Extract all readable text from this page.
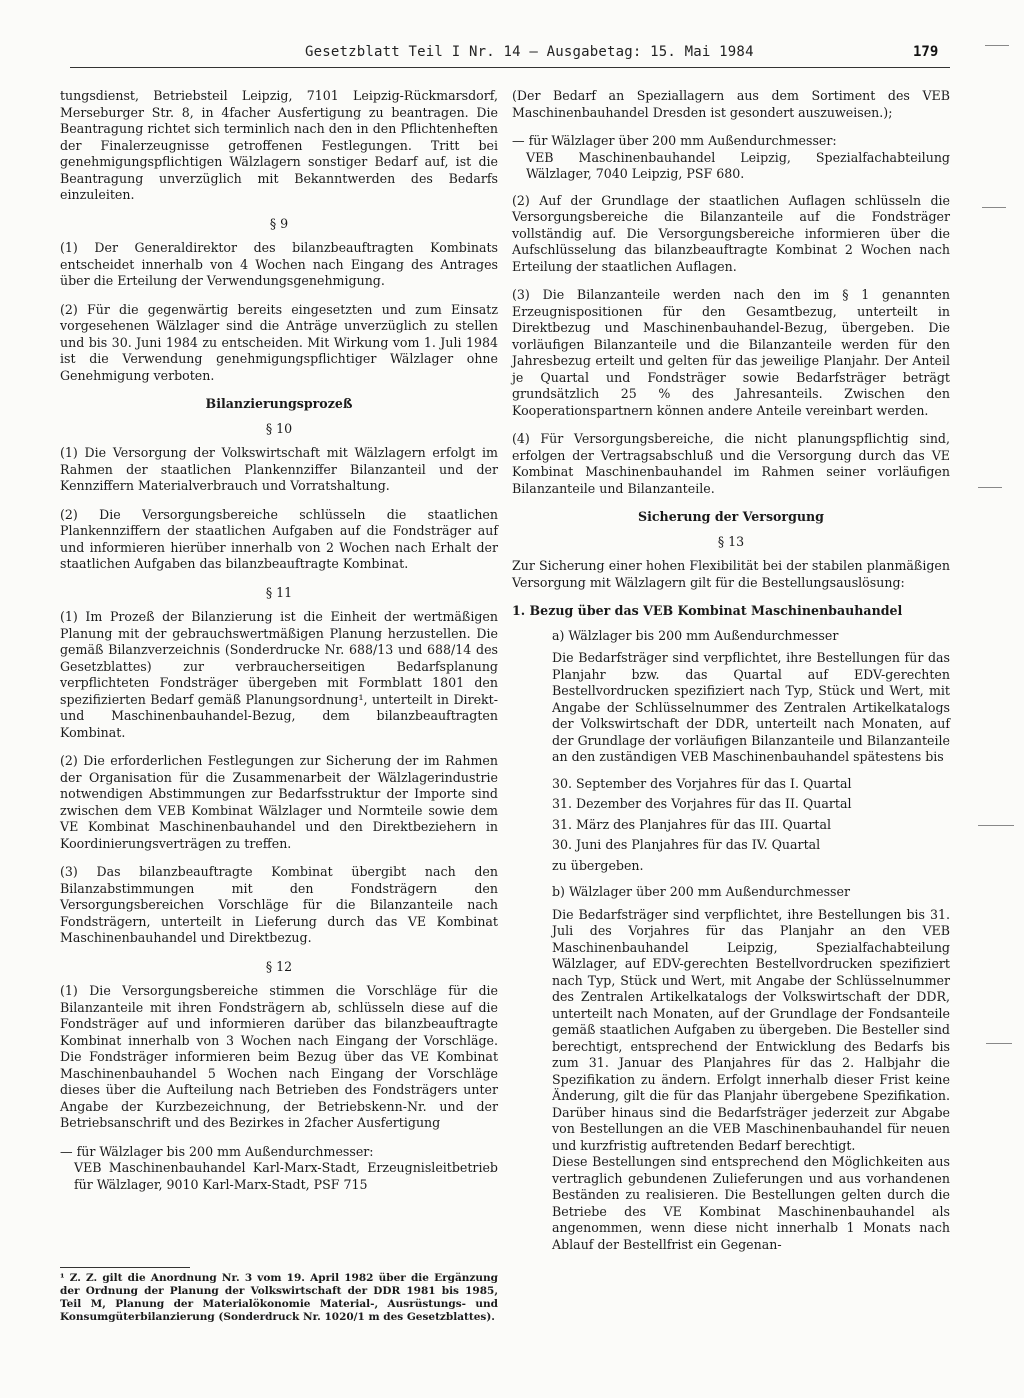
Gesetzblatt Teil I Nr. 14 — Ausgabetag: 15. Mai 1984	179

tungsdienst, Betriebsteil Leipzig, 7101 Leipzig-Rückmarsdorf, Merseburger Str. 8, in 4facher Ausfertigung zu beantragen. Die Beantragung richtet sich terminlich nach den in den Pflichtenheften der Finalerzeugnisse getroffenen Festlegungen. Tritt bei genehmigungspflichtigen Wälzlagern sonstiger Bedarf auf, ist die Beantragung unverzüglich mit Bekanntwerden des Bedarfs einzuleiten.

§ 9

(1) Der Generaldirektor des bilanzbeauftragten Kombinats entscheidet innerhalb von 4 Wochen nach Eingang des Antrages über die Erteilung der Verwendungsgenehmigung.

(2) Für die gegenwärtig bereits eingesetzten und zum Einsatz vorgesehenen Wälzlager sind die Anträge unverzüglich zu stellen und bis 30. Juni 1984 zu entscheiden. Mit Wirkung vom 1. Juli 1984 ist die Verwendung genehmigungspflichtiger Wälzlager ohne Genehmigung verboten.

Bilanzierungsprozeß
§ 10

(1) Die Versorgung der Volkswirtschaft mit Wälzlagern erfolgt im Rahmen der staatlichen Plankennziffer Bilanzanteil und der Kennziffern Materialverbrauch und Vorratshaltung.

(2) Die Versorgungsbereiche schlüsseln die staatlichen Plankennziffern der staatlichen Aufgaben auf die Fondsträger auf und informieren hierüber innerhalb von 2 Wochen nach Erhalt der staatlichen Aufgaben das bilanzbeauftragte Kombinat.

§ 11

(1) Im Prozeß der Bilanzierung ist die Einheit der wertmäßigen Planung mit der gebrauchswertmäßigen Planung herzustellen. Die gemäß Bilanzverzeichnis (Sonderdrucke Nr. 688/13 und 688/14 des Gesetzblattes) zur verbraucherseitigen Bedarfsplanung verpflichteten Fondsträger übergeben mit Formblatt 1801 den spezifizierten Bedarf gemäß Planungsordnung¹, unterteilt in Direkt- und Maschinenbauhandel-Bezug, dem bilanzbeauftragten Kombinat.

(2) Die erforderlichen Festlegungen zur Sicherung der im Rahmen der Organisation für die Zusammenarbeit der Wälzlagerindustrie notwendigen Abstimmungen zur Bedarfsstruktur der Importe sind zwischen dem VEB Kombinat Wälzlager und Normteile sowie dem VE Kombinat Maschinenbauhandel und den Direktbeziehern in Koordinierungsverträgen zu treffen.

(3) Das bilanzbeauftragte Kombinat übergibt nach den Bilanzabstimmungen mit den Fondsträgern den Versorgungsbereichen Vorschläge für die Bilanzanteile nach Fondsträgern, unterteilt in Lieferung durch das VE Kombinat Maschinenbauhandel und Direktbezug.

§ 12

(1) Die Versorgungsbereiche stimmen die Vorschläge für die Bilanzanteile mit ihren Fondsträgern ab, schlüsseln diese auf die Fondsträger auf und informieren darüber das bilanzbeauftragte Kombinat innerhalb von 3 Wochen nach Eingang der Vorschläge. Die Fondsträger informieren beim Bezug über das VE Kombinat Maschinenbauhandel 5 Wochen nach Eingang der Vorschläge dieses über die Aufteilung nach Betrieben des Fondsträgers unter Angabe der Kurzbezeichnung, der Betriebskenn-Nr. und der Betriebsanschrift und des Bezirkes in 2facher Ausfertigung

— für Wälzlager bis 200 mm Außendurchmesser:

VEB Maschinenbauhandel Karl-Marx-Stadt, Erzeugnisleitbetrieb für Wälzlager, 9010 Karl-Marx-Stadt, PSF 715

¹ Z. Z. gilt die Anordnung Nr. 3 vom 19. April 1982 über die Ergänzung der Ordnung der Planung der Volkswirtschaft der DDR 1981 bis 1985, Teil M, Planung der Materialökonomie Material-, Ausrüstungs- und Konsumgüterbilanzierung (Sonderdruck Nr. 1020/1 m des Gesetzblattes).

(Der Bedarf an Speziallagern aus dem Sortiment des VEB Maschinenbauhandel Dresden ist gesondert auszuweisen.);

— für Wälzlager über 200 mm Außendurchmesser:

VEB Maschinenbauhandel Leipzig, Spezialfachabteilung Wälzlager, 7040 Leipzig, PSF 680.

(2) Auf der Grundlage der staatlichen Auflagen schlüsseln die Versorgungsbereiche die Bilanzanteile auf die Fondsträger vollständig auf. Die Versorgungsbereiche informieren über die Aufschlüsselung das bilanzbeauftragte Kombinat 2 Wochen nach Erteilung der staatlichen Auflagen.

(3) Die Bilanzanteile werden nach den im § 1 genannten Erzeugnispositionen für den Gesamtbezug, unterteilt in Direktbezug und Maschinenbauhandel-Bezug, übergeben. Die vorläufigen Bilanzanteile und die Bilanzanteile werden für den Jahresbezug erteilt und gelten für das jeweilige Planjahr. Der Anteil je Quartal und Fondsträger sowie Bedarfsträger beträgt grundsätzlich 25 % des Jahresanteils. Zwischen den Kooperationspartnern können andere Anteile vereinbart werden.

(4) Für Versorgungsbereiche, die nicht planungspflichtig sind, erfolgen der Vertragsabschluß und die Versorgung durch das VE Kombinat Maschinenbauhandel im Rahmen seiner vorläufigen Bilanzanteile und Bilanzanteile.

Sicherung der Versorgung
§ 13

Zur Sicherung einer hohen Flexibilität bei der stabilen planmäßigen Versorgung mit Wälzlagern gilt für die Bestellungsauslösung:

1. Bezug über das VEB Kombinat Maschinenbauhandel

a) Wälzlager bis 200 mm Außendurchmesser

Die Bedarfsträger sind verpflichtet, ihre Bestellungen für das Planjahr bzw. das Quartal auf EDV-gerechten Bestellvordrucken spezifiziert nach Typ, Stück und Wert, mit Angabe der Schlüsselnummer des Zentralen Artikelkatalogs der Volkswirtschaft der DDR, unterteilt nach Monaten, auf der Grundlage der vorläufigen Bilanzanteile und Bilanzanteile an den zuständigen VEB Maschinenbauhandel spätestens bis

30. September des Vorjahres für das I. Quartal

31. Dezember des Vorjahres für das II. Quartal

31. März des Planjahres für das III. Quartal

30. Juni des Planjahres für das IV. Quartal

zu übergeben.

b) Wälzlager über 200 mm Außendurchmesser

Die Bedarfsträger sind verpflichtet, ihre Bestellungen bis 31. Juli des Vorjahres für das Planjahr an den VEB Maschinenbauhandel Leipzig, Spezialfachabteilung Wälzlager, auf EDV-gerechten Bestellvordrucken spezifiziert nach Typ, Stück und Wert, mit Angabe der Schlüsselnummer des Zentralen Artikelkatalogs der Volkswirtschaft der DDR, unterteilt nach Monaten, auf der Grundlage der Fondsanteile gemäß staatlichen Aufgaben zu übergeben. Die Besteller sind berechtigt, entsprechend der Entwicklung des Bedarfs bis zum 31. Januar des Planjahres für das 2. Halbjahr die Spezifikation zu ändern. Erfolgt innerhalb dieser Frist keine Änderung, gilt die für das Planjahr übergebene Spezifikation. Darüber hinaus sind die Bedarfsträger jederzeit zur Abgabe von Bestellungen an die VEB Maschinenbauhandel für neuen und kurzfristig auftretenden Bedarf berechtigt.

Diese Bestellungen sind entsprechend den Möglichkeiten aus vertraglich gebundenen Zulieferungen und aus vorhandenen Beständen zu realisieren. Die Bestellungen gelten durch die Betriebe des VE Kombinat Maschinenbauhandel als angenommen, wenn diese nicht innerhalb 1 Monats nach Ablauf der Bestellfrist ein Gegenan-
